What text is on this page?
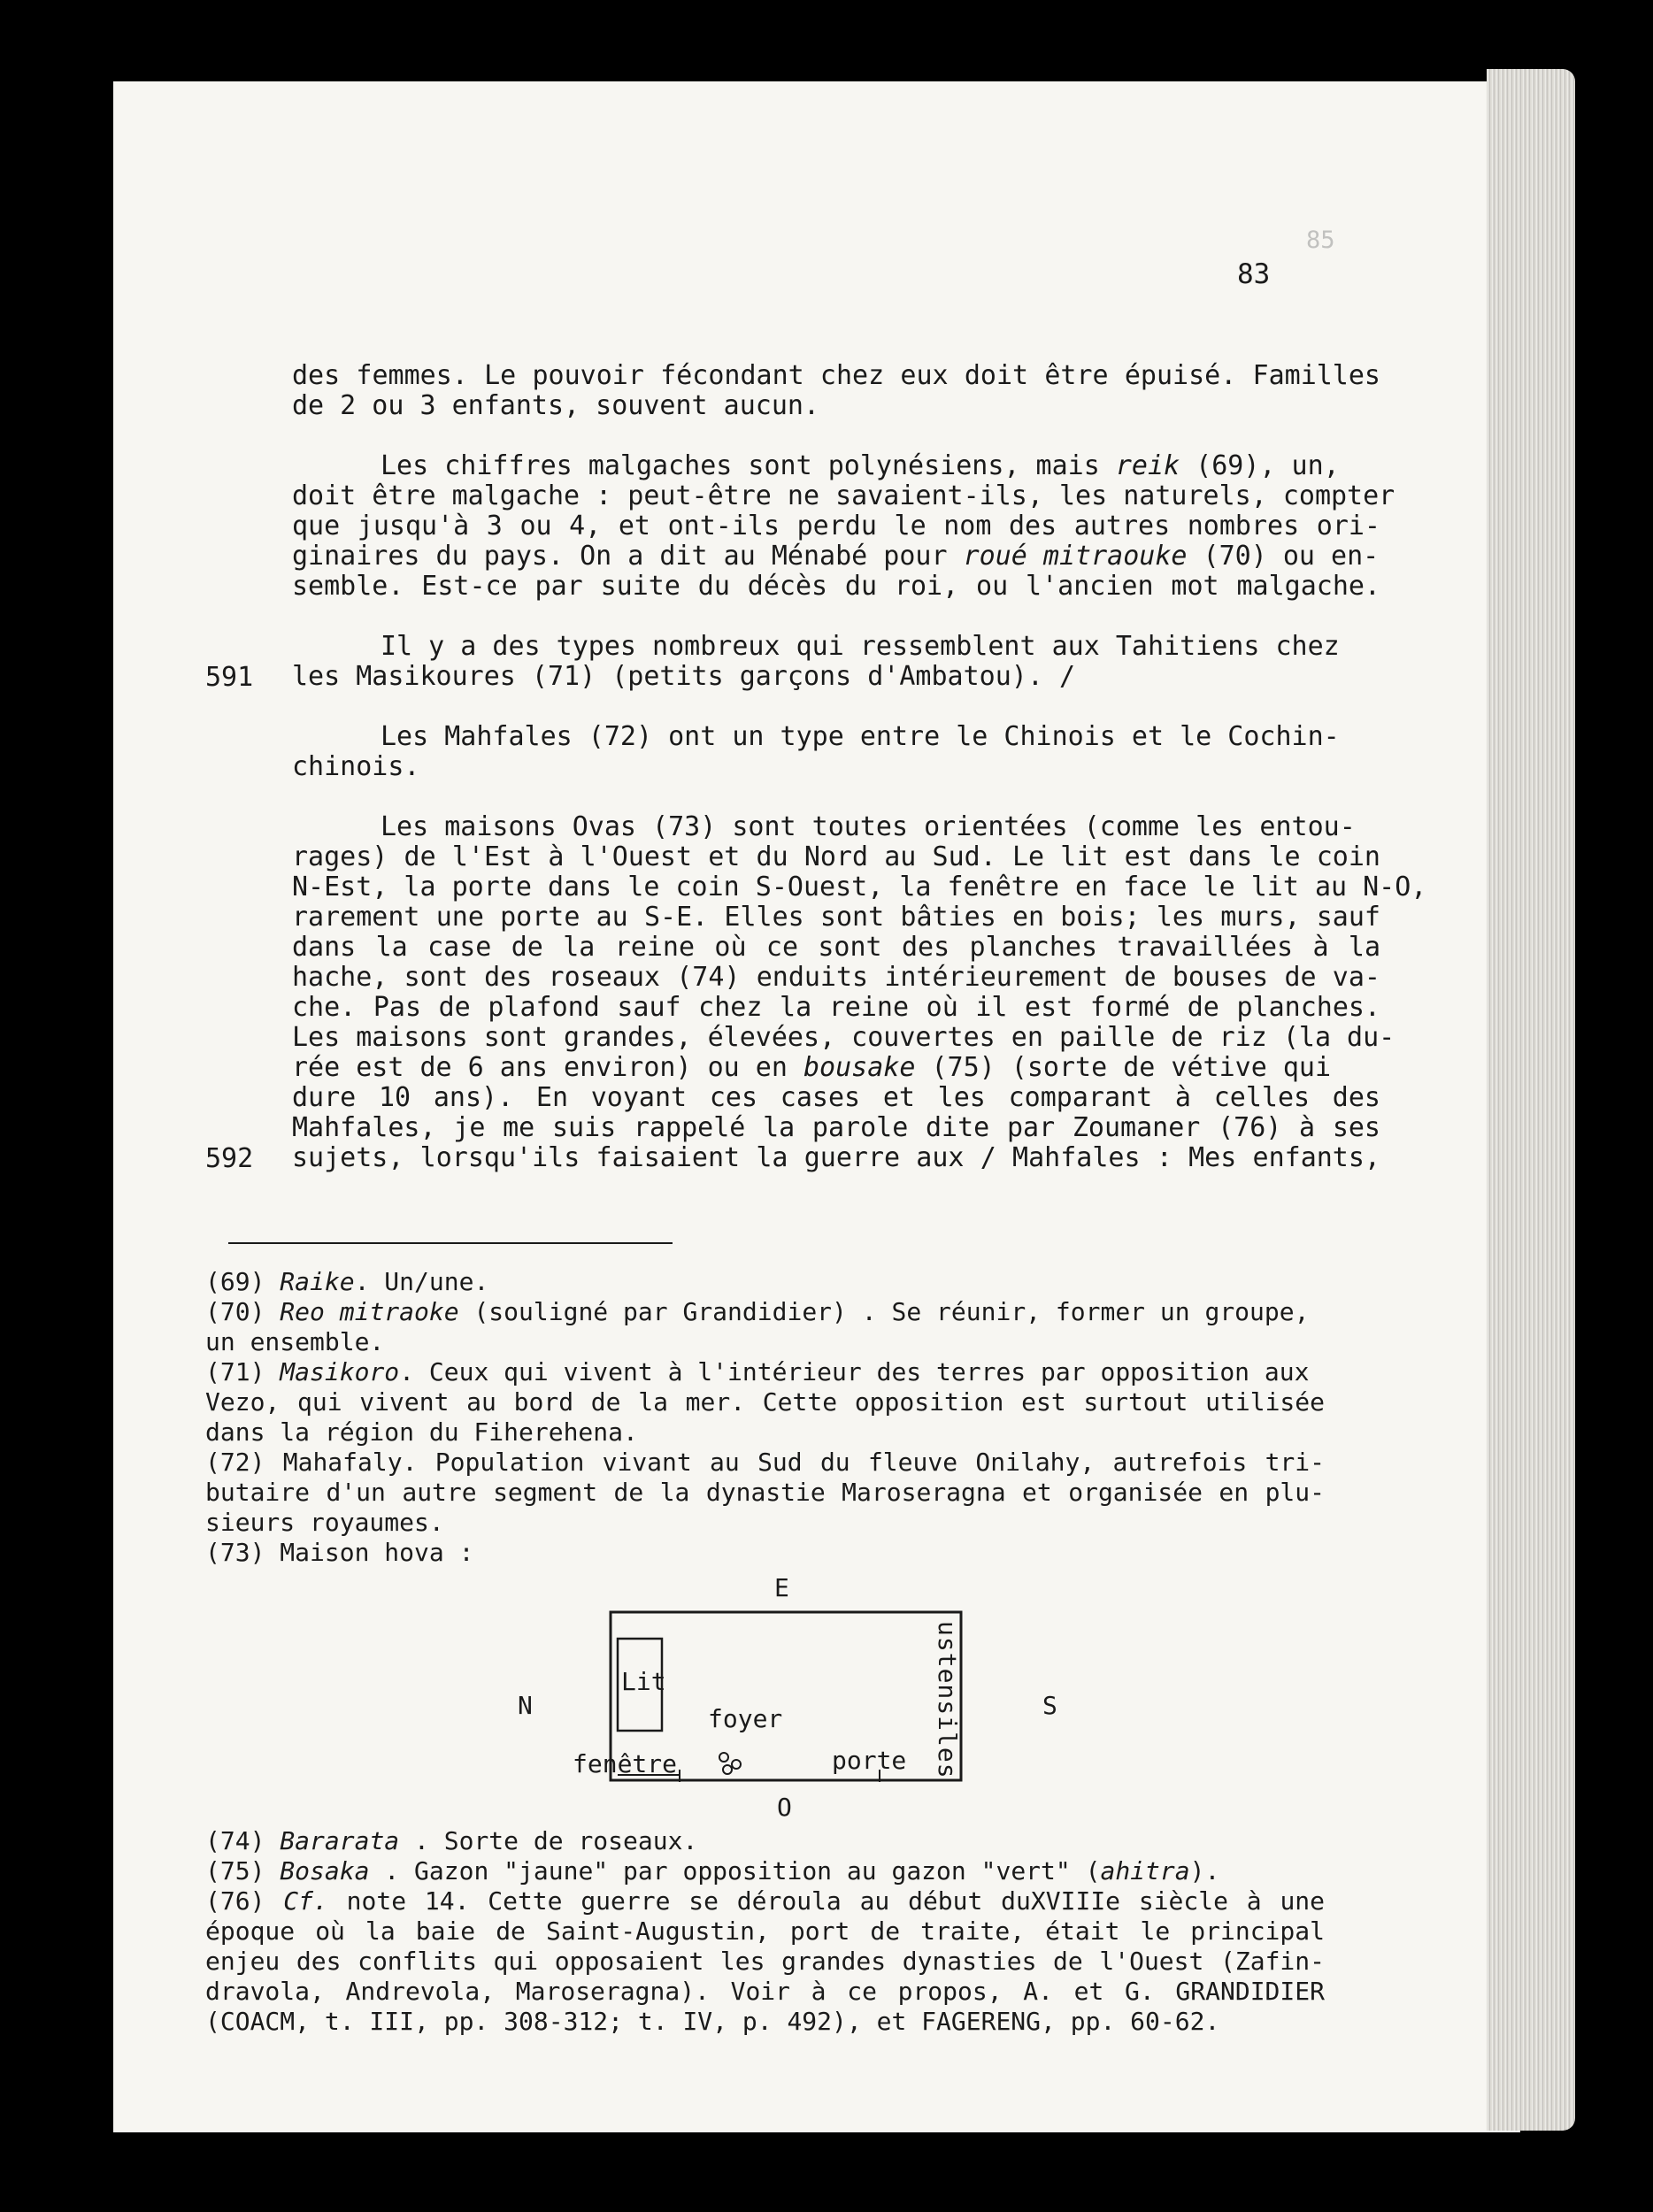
83
85
des femmes. Le pouvoir fécondant chez eux doit être épuisé. Familles
de 2 ou 3 enfants, souvent aucun.
Les chiffres malgaches sont polynésiens, mais reik (69), un,
doit être malgache : peut-être ne savaient-ils, les naturels, compter
que jusqu'à 3 ou 4, et ont-ils perdu le nom des autres nombres ori-
ginaires du pays. On a dit au Ménabé pour roué mitraouke (70) ou en-
semble. Est-ce par suite du décès du roi, ou l'ancien mot malgache.
Il y a des types nombreux qui ressemblent aux Tahitiens chez
591 les Masikoures (71) (petits garçons d'Ambatou). /
Les Mahfales (72) ont un type entre le Chinois et le Cochin-
chinois.
Les maisons Ovas (73) sont toutes orientées (comme les entou-
rages) de l'Est à l'Ouest et du Nord au Sud. Le lit est dans le coin
N-Est, la porte dans le coin S-Ouest, la fenêtre en face le lit au N-O,
rarement une porte au S-E. Elles sont bâties en bois; les murs, sauf
dans la case de la reine où ce sont des planches travaillées à la
hache, sont des roseaux (74) enduits intérieurement de bouses de va-
che. Pas de plafond sauf chez la reine où il est formé de planches.
Les maisons sont grandes, élevées, couvertes en paille de riz (la du-
rée est de 6 ans environ) ou en bousake (75) (sorte de vétive qui
dure 10 ans). En voyant ces cases et les comparant à celles des
Mahfales, je me suis rappelé la parole dite par Zoumaner (76) à ses
592 sujets, lorsqu'ils faisaient la guerre aux / Mahfales : Mes enfants,
(69) Raike. Un/une.
(70) Reo mitraoke (souligné par Grandidier) . Se réunir, former un groupe,
un ensemble.
(71) Masikoro. Ceux qui vivent à l'intérieur des terres par opposition aux
Vezo, qui vivent au bord de la mer. Cette opposition est surtout utilisée
dans la région du Fiherehena.
(72) Mahafaly. Population vivant au Sud du fleuve Onilahy, autrefois tri-
butaire d'un autre segment de la dynastie Maroseragna et organisée en plu-
sieurs royaumes.
(73) Maison hova :
E
N	S
O
Lit
foyer
fenêtre	porte ustensiles
(74) Bararata . Sorte de roseaux.
(75) Bosaka . Gazon "jaune" par opposition au gazon "vert" (ahitra).
(76) Cf. note 14. Cette guerre se déroula au début duXVIIIe siècle à une
époque où la baie de Saint-Augustin, port de traite, était le principal
enjeu des conflits qui opposaient les grandes dynasties de l'Ouest (Zafin-
dravola, Andrevola, Maroseragna). Voir à ce propos, A. et G. GRANDIDIER
(COACM, t. III, pp. 308-312; t. IV, p. 492), et FAGERENG, pp. 60-62.
